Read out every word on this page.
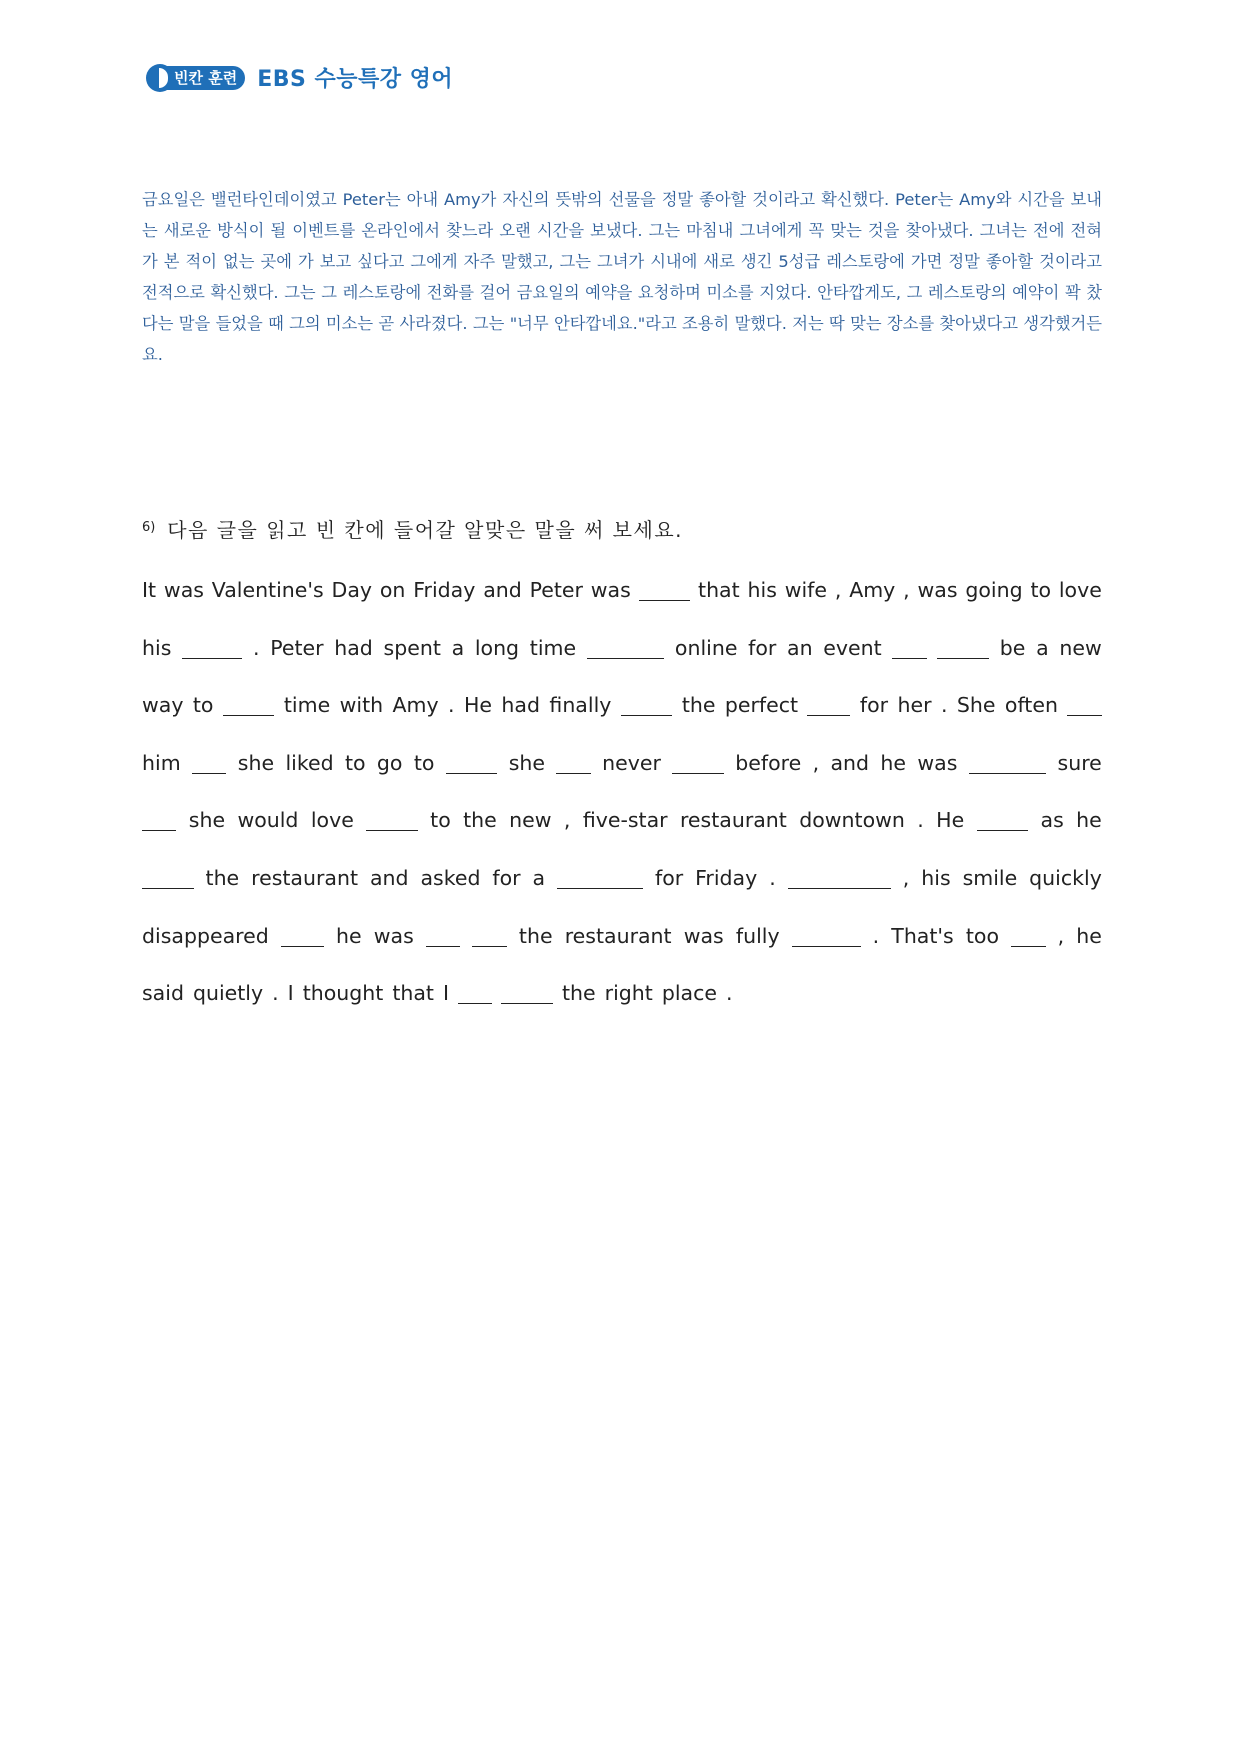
빈칸 훈련 EBS 수능특강 영어
금요일은 밸런타인데이였고 Peter는 아내 Amy가 자신의 뜻밖의 선물을 정말 좋아할 것이라고 확신했다. Peter는 Amy와 시간을 보내는 새로운 방식이 될 이벤트를 온라인에서 찾느라 오랜 시간을 보냈다. 그는 마침내 그녀에게 꼭 맞는 것을 찾아냈다. 그녀는 전에 전혀 가 본 적이 없는 곳에 가 보고 싶다고 그에게 자주 말했고, 그는 그녀가 시내에 새로 생긴 5성급 레스토랑에 가면 정말 좋아할 것이라고 전적으로 확신했다. 그는 그 레스토랑에 전화를 걸어 금요일의 예약을 요청하며 미소를 지었다. 안타깝게도, 그 레스토랑의 예약이 꽉 찼다는 말을 들었을 때 그의 미소는 곧 사라졌다. 그는 "너무 안타깝네요."라고 조용히 말했다. 저는 딱 맞는 장소를 찾아냈다고 생각했거든요.
$^{6)}$ 다음 글을 읽고 빈 칸에 들어갈 알맞은 말을 써 보세요.
It was Valentine's Day on Friday and Peter was	that his wife , Amy , was going to love
his	. Peter had spent a long time	online for an event	be a new
way to	time with Amy . He had finally	the perfect	for her . She often
him	she liked to go to	she	never	before , and he was	sure
she would love	to the new , five-star restaurant downtown . He	as he
the restaurant and asked for a	for Friday .	, his smile quickly
disappeared	he was	the restaurant was fully	. That's too	, he
said quietly . I thought that I	the right place .
